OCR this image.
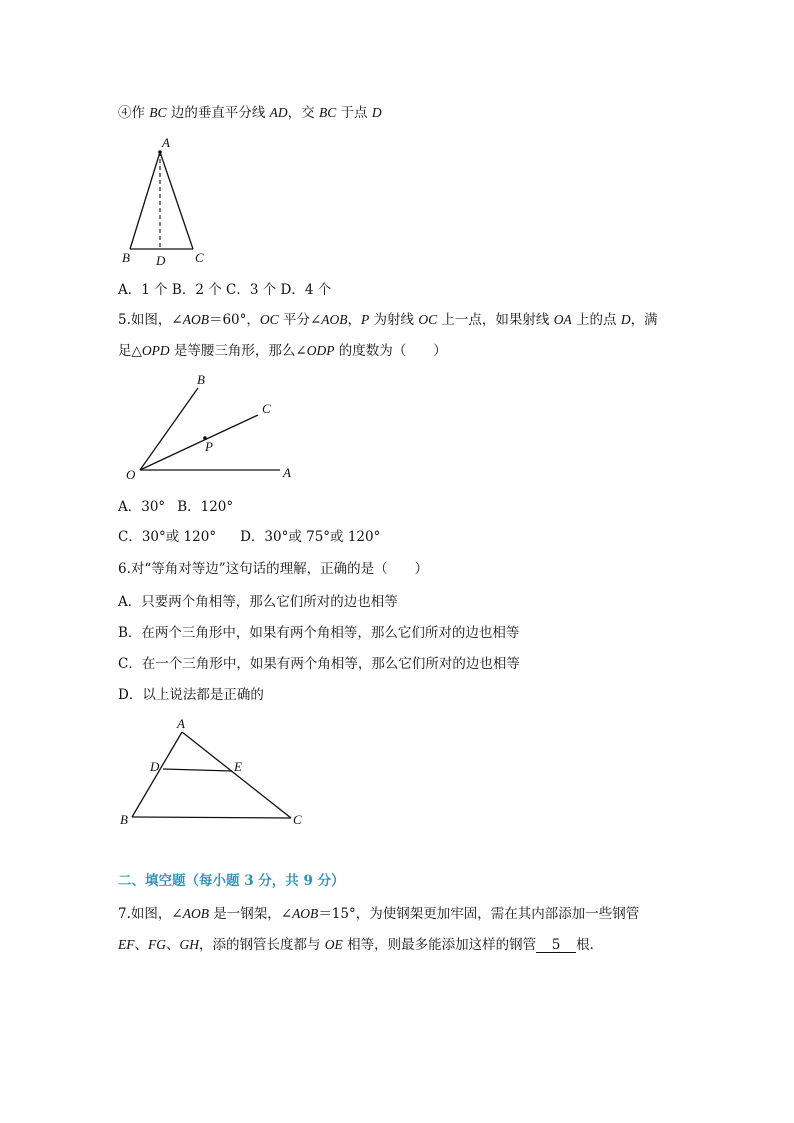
④作 BC 边的垂直平分线 AD，交 BC 于点 D
A
B D C
A．1 个 B．2 个 C．3 个 D．4 个
5.如图，∠AOB＝60°，OC 平分∠AOB，P 为射线 OC 上一点，如果射线 OA 上的点 D，满
足△OPD 是等腰三角形，那么∠ODP 的度数为（　　）
B
C
P
O	A
A．30° B．120°
C．30°或 120° D．30°或 75°或 120°
6.对“等角对等边”这句话的理解，正确的是（　　）
A．只要两个角相等，那么它们所对的边也相等
B．在两个三角形中，如果有两个角相等，那么它们所对的边也相等
C．在一个三角形中，如果有两个角相等，那么它们所对的边也相等
D．以上说法都是正确的
A
D	E
B	C
二、填空题（每小题 3 分，共 9 分）
7.如图，∠AOB 是一钢架，∠AOB＝15°，为使钢架更加牢固，需在其内部添加一些钢管
EF、FG、GH，添的钢管长度都与 OE 相等，则最多能添加这样的钢管 5 根．
